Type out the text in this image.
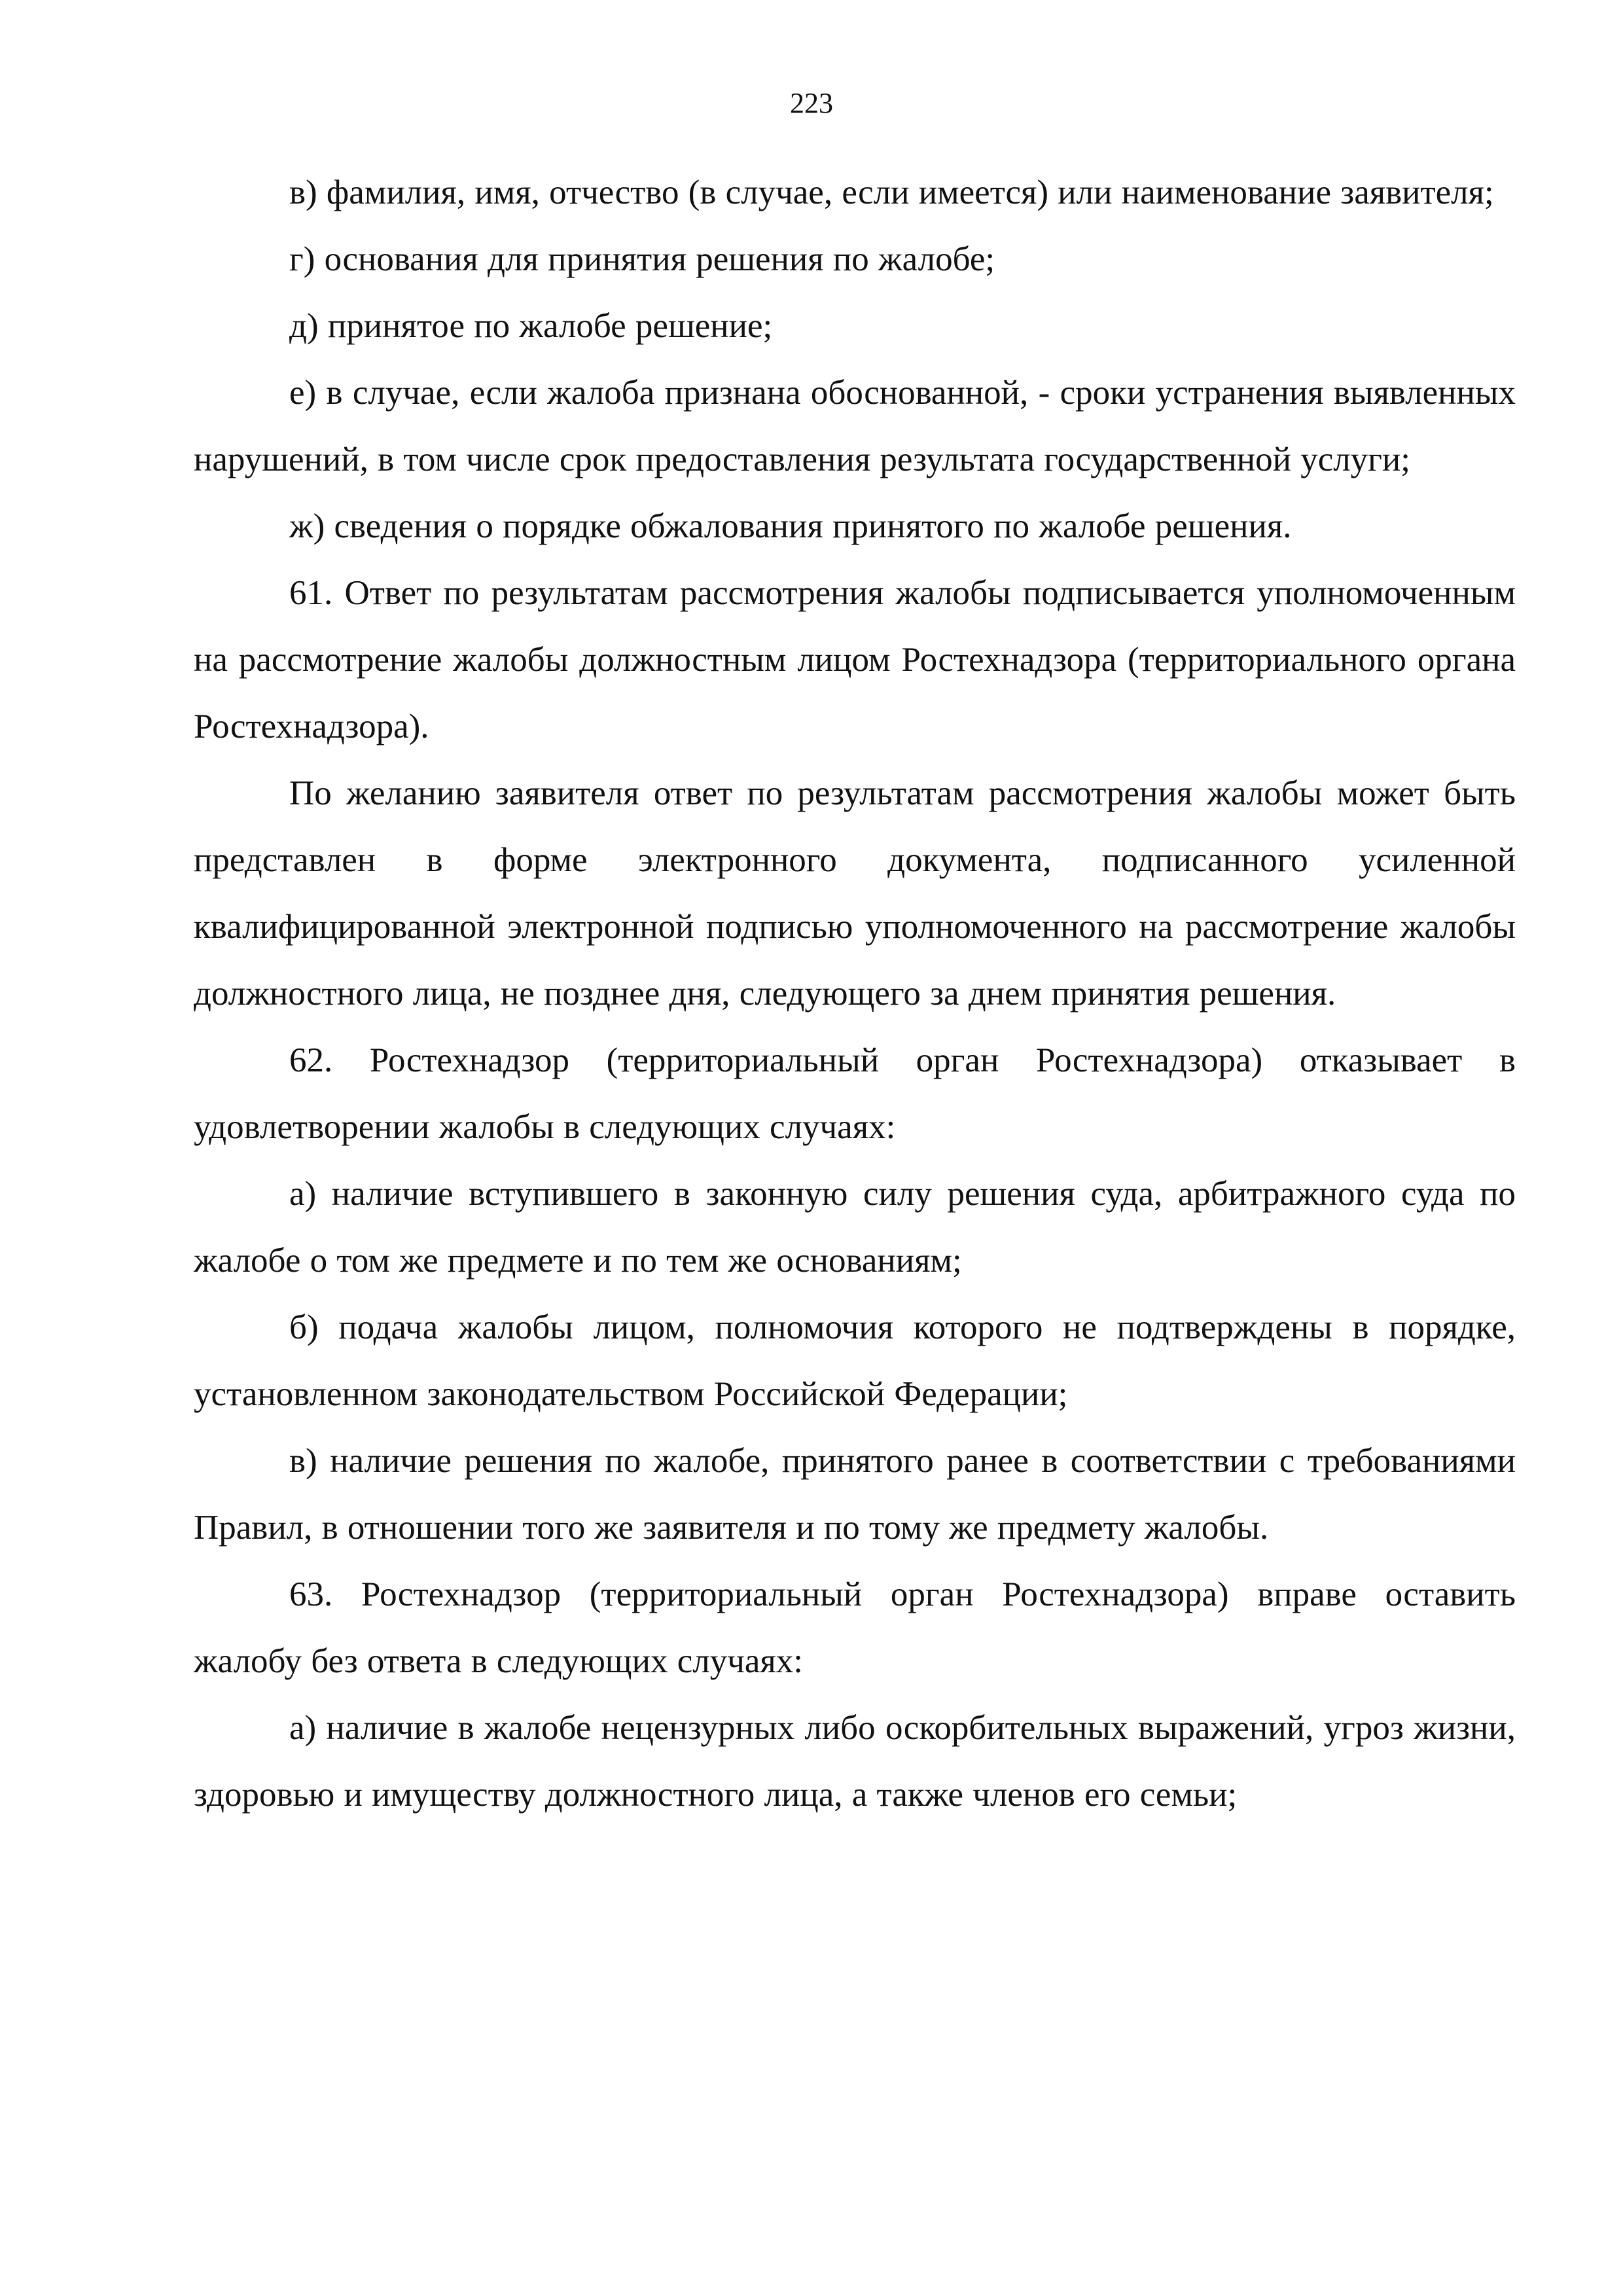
223

в) фамилия, имя, отчество (в случае, если имеется) или наименование заявителя;

г) основания для принятия решения по жалобе;

д) принятое по жалобе решение;

е) в случае, если жалоба признана обоснованной, - сроки устранения выявленных нарушений, в том числе срок предоставления результата государственной услуги;

ж) сведения о порядке обжалования принятого по жалобе решения.

61. Ответ по результатам рассмотрения жалобы подписывается уполномоченным на рассмотрение жалобы должностным лицом Ростехнадзора (территориального органа Ростехнадзора).

По желанию заявителя ответ по результатам рассмотрения жалобы может быть представлен в форме электронного документа, подписанного усиленной квалифицированной электронной подписью уполномоченного на рассмотрение жалобы должностного лица, не позднее дня, следующего за днем принятия решения.

62. Ростехнадзор (территориальный орган Ростехнадзора) отказывает в удовлетворении жалобы в следующих случаях:

а) наличие вступившего в законную силу решения суда, арбитражного суда по жалобе о том же предмете и по тем же основаниям;

б) подача жалобы лицом, полномочия которого не подтверждены в порядке, установленном законодательством Российской Федерации;

в) наличие решения по жалобе, принятого ранее в соответствии с требованиями Правил, в отношении того же заявителя и по тому же предмету жалобы.

63. Ростехнадзор (территориальный орган Ростехнадзора) вправе оставить жалобу без ответа в следующих случаях:

а) наличие в жалобе нецензурных либо оскорбительных выражений, угроз жизни, здоровью и имуществу должностного лица, а также членов его семьи;
